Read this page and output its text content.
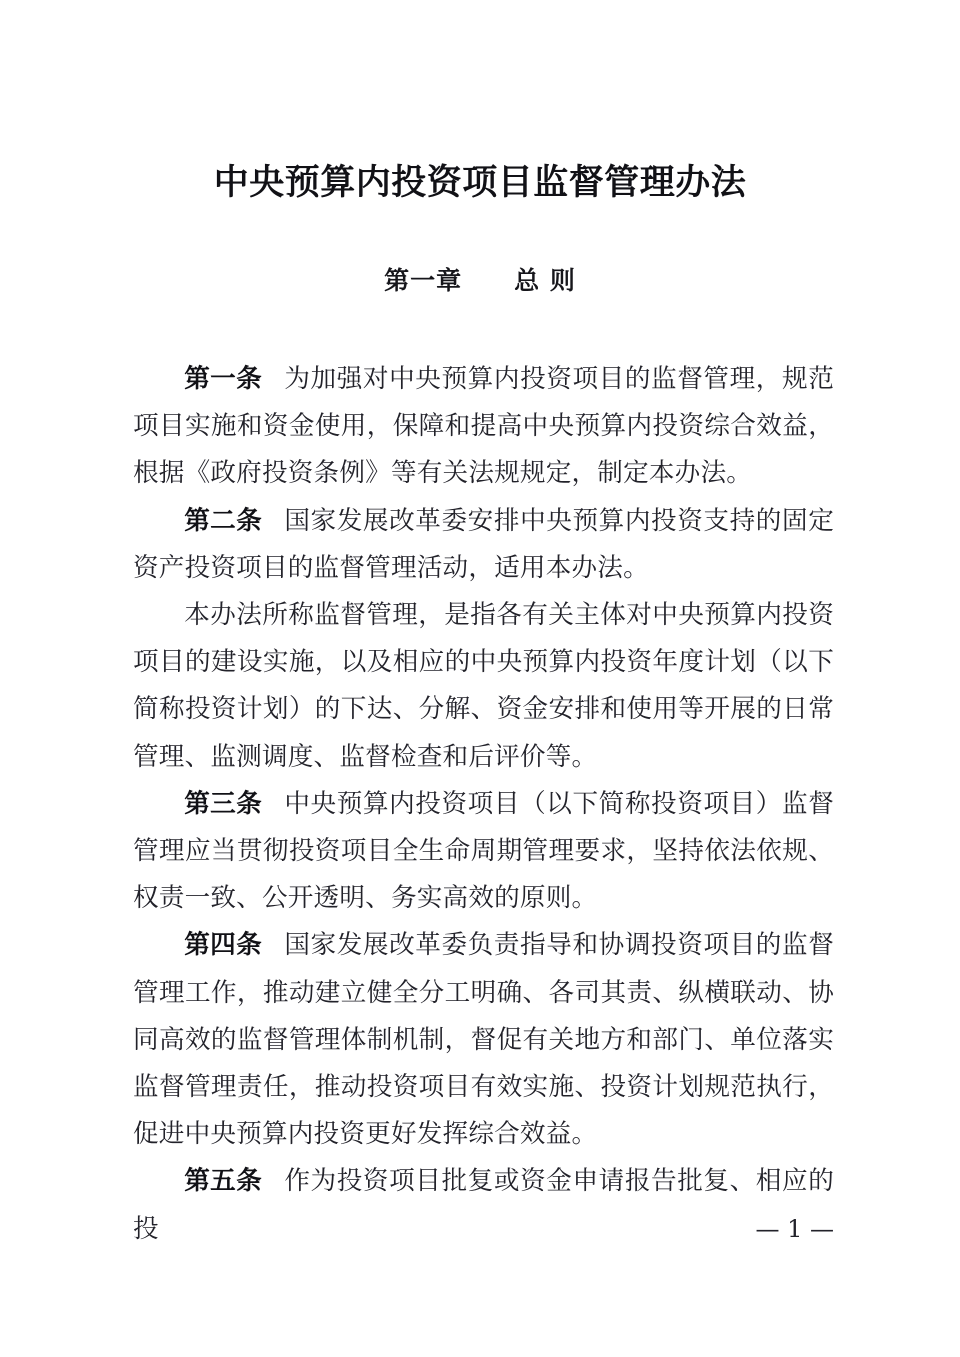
中央预算内投资项目监督管理办法
第一章　　总 则

第一条 为加强对中央预算内投资项目的监督管理，规范项目实施和资金使用，保障和提高中央预算内投资综合效益，根据《政府投资条例》等有关法规规定，制定本办法。

第二条 国家发展改革委安排中央预算内投资支持的固定资产投资项目的监督管理活动，适用本办法。

本办法所称监督管理，是指各有关主体对中央预算内投资项目的建设实施，以及相应的中央预算内投资年度计划（以下简称投资计划）的下达、分解、资金安排和使用等开展的日常管理、监测调度、监督检查和后评价等。

第三条 中央预算内投资项目（以下简称投资项目）监督管理应当贯彻投资项目全生命周期管理要求，坚持依法依规、权责一致、公开透明、务实高效的原则。

第四条 国家发展改革委负责指导和协调投资项目的监督管理工作，推动建立健全分工明确、各司其责、纵横联动、协同高效的监督管理体制机制，督促有关地方和部门、单位落实监督管理责任，推动投资项目有效实施、投资计划规范执行，促进中央预算内投资更好发挥综合效益。

第五条 作为投资项目批复或资金申请报告批复、相应的投	— 1 —
